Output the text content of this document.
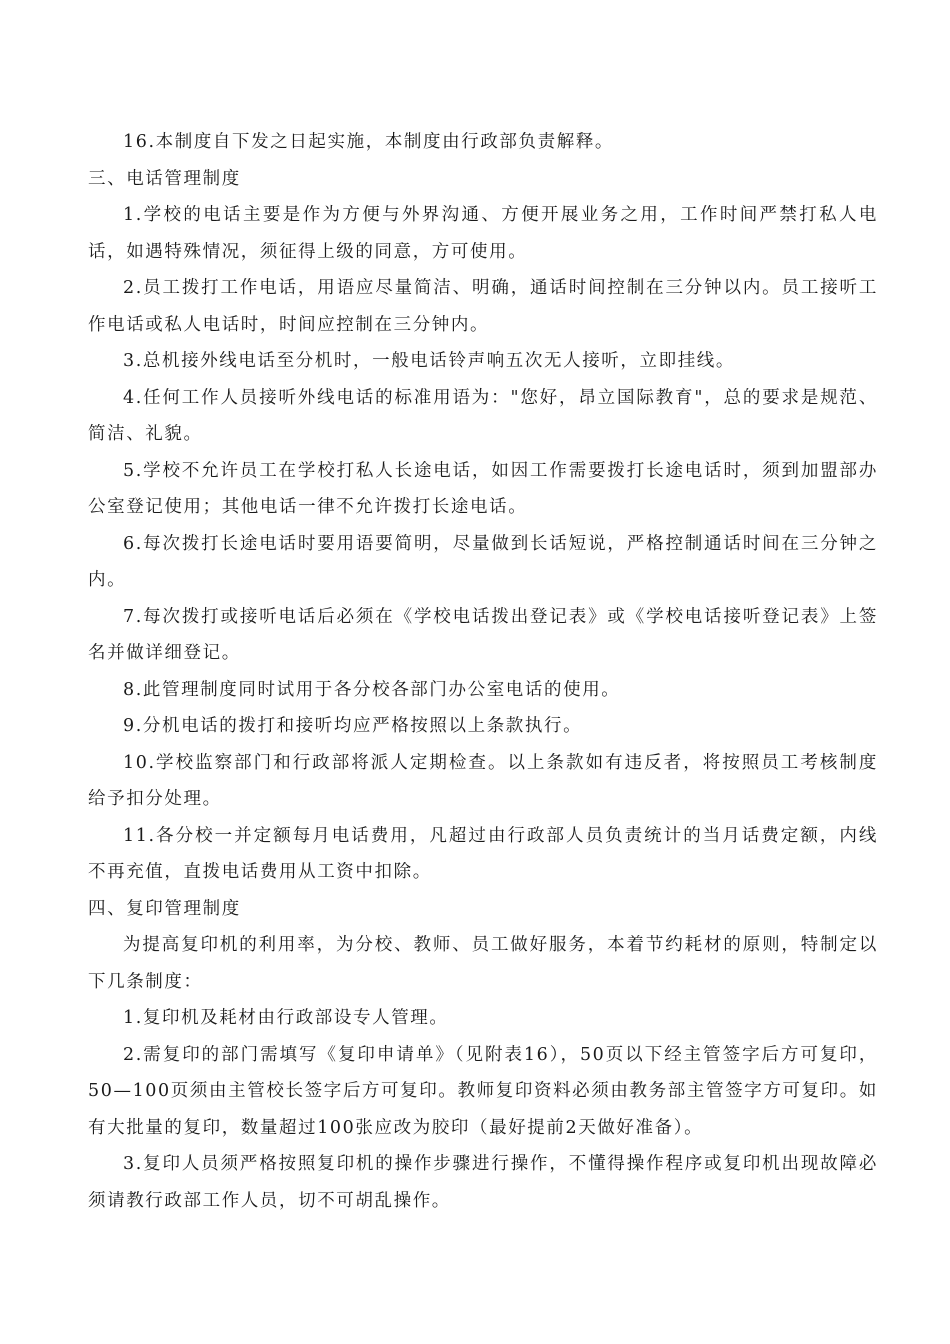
16.本制度自下发之日起实施，本制度由行政部负责解释。

三、电话管理制度

1.学校的电话主要是作为方便与外界沟通、方便开展业务之用，工作时间严禁打私人电话，如遇特殊情况，须征得上级的同意，方可使用。

2.员工拨打工作电话，用语应尽量简洁、明确，通话时间控制在三分钟以内。员工接听工作电话或私人电话时，时间应控制在三分钟内。

3.总机接外线电话至分机时，一般电话铃声响五次无人接听，立即挂线。

4.任何工作人员接听外线电话的标准用语为："您好，昂立国际教育"，总的要求是规范、简洁、礼貌。

5.学校不允许员工在学校打私人长途电话，如因工作需要拨打长途电话时，须到加盟部办公室登记使用；其他电话一律不允许拨打长途电话。

6.每次拨打长途电话时要用语要简明，尽量做到长话短说，严格控制通话时间在三分钟之内。

7.每次拨打或接听电话后必须在《学校电话拨出登记表》或《学校电话接听登记表》上签名并做详细登记。

8.此管理制度同时试用于各分校各部门办公室电话的使用。

9.分机电话的拨打和接听均应严格按照以上条款执行。

10.学校监察部门和行政部将派人定期检查。以上条款如有违反者，将按照员工考核制度给予扣分处理。

11.各分校一并定额每月电话费用，凡超过由行政部人员负责统计的当月话费定额，内线不再充值，直拨电话费用从工资中扣除。

四、复印管理制度

为提高复印机的利用率，为分校、教师、员工做好服务，本着节约耗材的原则，特制定以下几条制度：

1.复印机及耗材由行政部设专人管理。

2.需复印的部门需填写《复印申请单》（见附表16），50页以下经主管签字后方可复印，50—100页须由主管校长签字后方可复印。教师复印资料必须由教务部主管签字方可复印。如有大批量的复印，数量超过100张应改为胶印（最好提前2天做好准备）。

3.复印人员须严格按照复印机的操作步骤进行操作，不懂得操作程序或复印机出现故障必须请教行政部工作人员，切不可胡乱操作。
